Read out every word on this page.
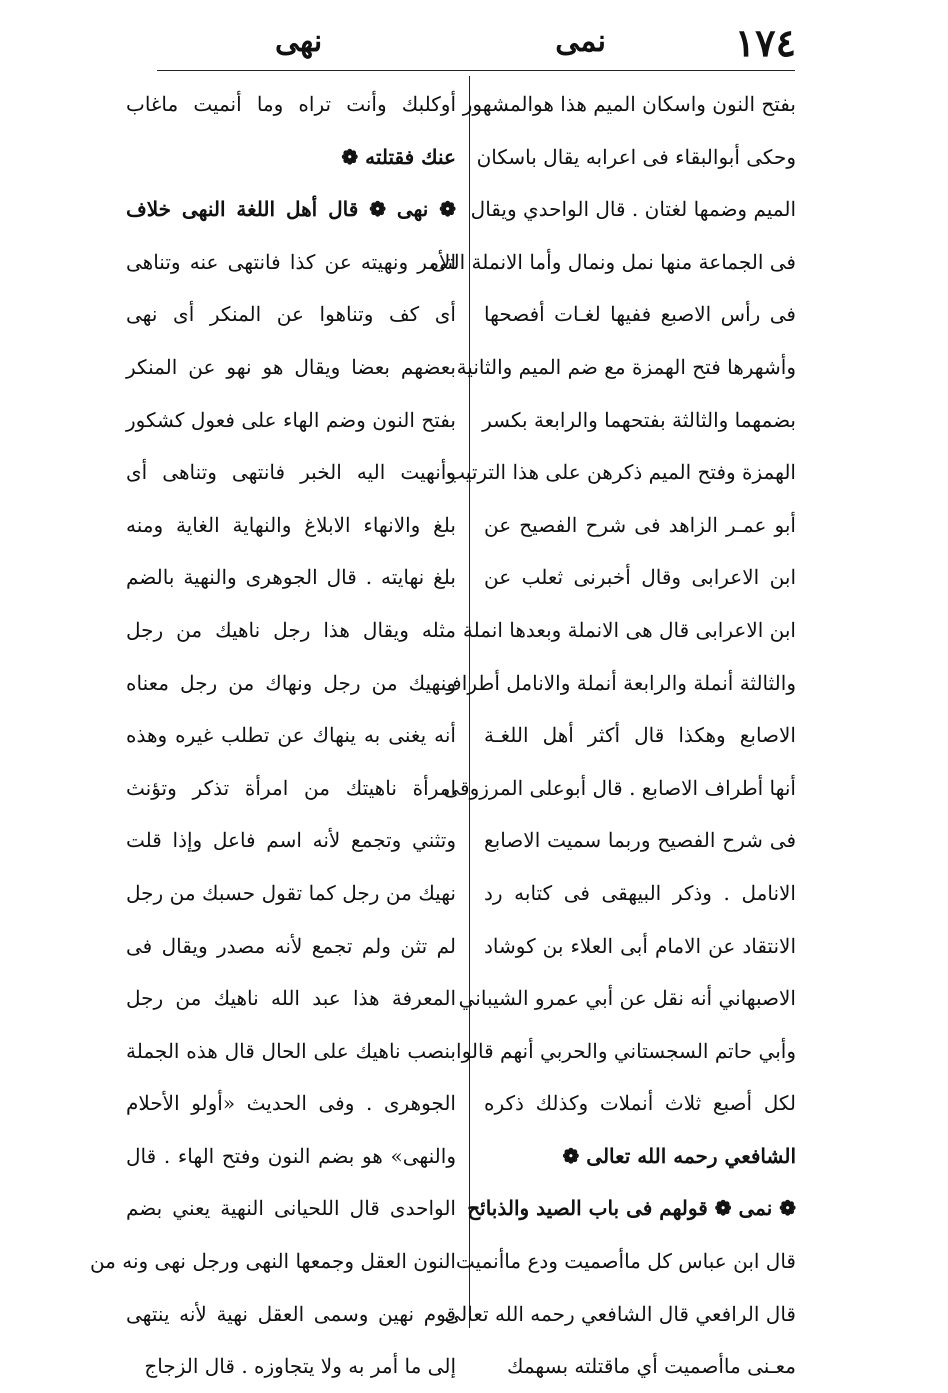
١٧٤
نمى
نهى
بفتح النون واسكان الميم هذا هوالمشهور
وحكى أبوالبقاء فى اعرابه يقال باسكان
الميم وضمها لغتان . قال الواحدي ويقال
فى الجماعة منها نمل ونمال وأما الانملة التى
فى رأس الاصبع ففيها لغـات أفصحها
وأشهرها فتح الهمزة مع ضم الميم والثانية
بضمهما والثالثة بفتحهما والرابعة بكسر
الهمزة وفتح الميم ذكرهن على هذا الترتيب
أبو عمـر الزاهد فى شرح الفصيح عن
ابن الاعرابى وقال أخبرنى ثعلب عن
ابن الاعرابى قال هى الانملة وبعدها انملة
والثالثة أنملة والرابعة أنملة والانامل أطراف
الاصابع وهكذا قال أكثر أهل اللغـة
أنها أطراف الاصابع . قال أبوعلى المرزوقى
فى شرح الفصيح وربما سميت الاصابع
الانامل . وذكر البيهقى فى كتابه رد
الانتقاد عن الامام أبى العلاء بن كوشاد
الاصبهاني أنه نقل عن أبي عمرو الشيباني
وأبي حاتم السجستاني والحربي أنهم قالوا
لكل أصبع ثلاث أنملات وكذلك ذكره
الشافعي رحمه الله تعالى ❁
❁ نمى ❁ قولهم فى باب الصيد والذبائح
قال ابن عباس كل ماأصميت ودع ماأنميت
قال الرافعي قال الشافعي رحمه الله تعالى
معـنى ماأصميت أي ماقتلته بسهمك
أوكلبك وأنت تراه وما أنميت ماغاب
عنك فقتلته ❁
❁ نهى ❁ قال أهل اللغة النهى خلاف
الأمر ونهيته عن كذا فانتهى عنه وتناهى
أى كف وتناهوا عن المنكر أى نهى
بعضهم بعضا ويقال هو نهو عن المنكر
بفتح النون وضم الهاء على فعول كشكور
وأنهيت اليه الخبر فانتهى وتناهى أى
بلغ والانهاء الابلاغ والنهاية الغاية ومنه
بلغ نهايته . قال الجوهرى والنهية بالضم
مثله ويقال هذا رجل ناهيك من رجل
ونهيك من رجل ونهاك من رجل معناه
أنه يغنى به ينهاك عن تطلب غيره وهذه
امرأة ناهيتك من امرأة تذكر وتؤنث
وتثني وتجمع لأنه اسم فاعل وإذا قلت
نهيك من رجل كما تقول حسبك من رجل
لم تثن ولم تجمع لأنه مصدر ويقال فى
المعرفة هذا عبد الله ناهيك من رجل
بنصب ناهيك على الحال قال هذه الجملة
الجوهرى . وفى الحديث «أولو الأحلام
والنهى» هو بضم النون وفتح الهاء . قال
الواحدى قال اللحيانى النهية يعني بضم
النون العقل وجمعها النهى ورجل نهى ونه من
قوم نهين وسمى العقل نهية لأنه ينتهى
إلى ما أمر به ولا يتجاوزه . قال الزجاج
